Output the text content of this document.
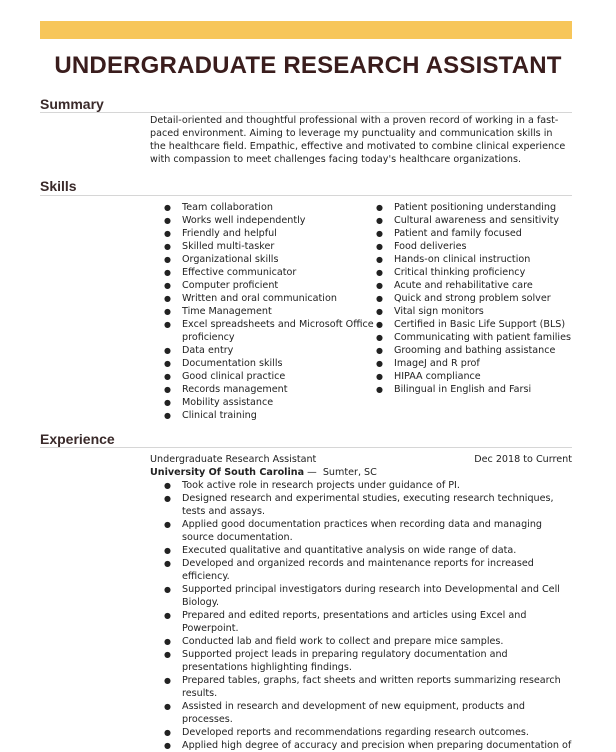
UNDERGRADUATE RESEARCH ASSISTANT
Summary

Detail-oriented and thoughtful professional with a proven record of working in a fast-paced environment. Aiming to leverage my punctuality and communication skills in the healthcare field. Empathic, effective and motivated to combine clinical experience with compassion to meet challenges facing today's healthcare organizations.

Skills
● Team collaboration
● Works well independently
● Friendly and helpful
● Skilled multi-tasker
● Organizational skills
● Effective communicator
● Computer proficient
● Written and oral communication
● Time Management
● Excel spreadsheets and Microsoft Office proficiency
● Data entry
● Documentation skills
● Good clinical practice
● Records management
● Mobility assistance
● Clinical training
● Patient positioning understanding
● Cultural awareness and sensitivity
● Patient and family focused
● Food deliveries
● Hands-on clinical instruction
● Critical thinking proficiency
● Acute and rehabilitative care
● Quick and strong problem solver
● Vital sign monitors
● Certified in Basic Life Support (BLS)
● Communicating with patient families
● Grooming and bathing assistance
● ImageJ and R prof
● HIPAA compliance
● Bilingual in English and Farsi
Experience

Undergraduate Research Assistant	Dec 2018 to Current

University Of South Carolina — Sumter, SC

● Took active role in research projects under guidance of PI.
● Designed research and experimental studies, executing research techniques, tests and assays.
● Applied good documentation practices when recording data and managing source documentation.
● Executed qualitative and quantitative analysis on wide range of data.
● Developed and organized records and maintenance reports for increased efficiency.
● Supported principal investigators during research into Developmental and Cell Biology.
● Prepared and edited reports, presentations and articles using Excel and Powerpoint.
● Conducted lab and field work to collect and prepare mice samples.
● Supported project leads in preparing regulatory documentation and presentations highlighting findings.
● Prepared tables, graphs, fact sheets and written reports summarizing research results.
● Assisted in research and development of new equipment, products and processes.
● Developed reports and recommendations regarding research outcomes.
● Applied high degree of accuracy and precision when preparing documentation of
